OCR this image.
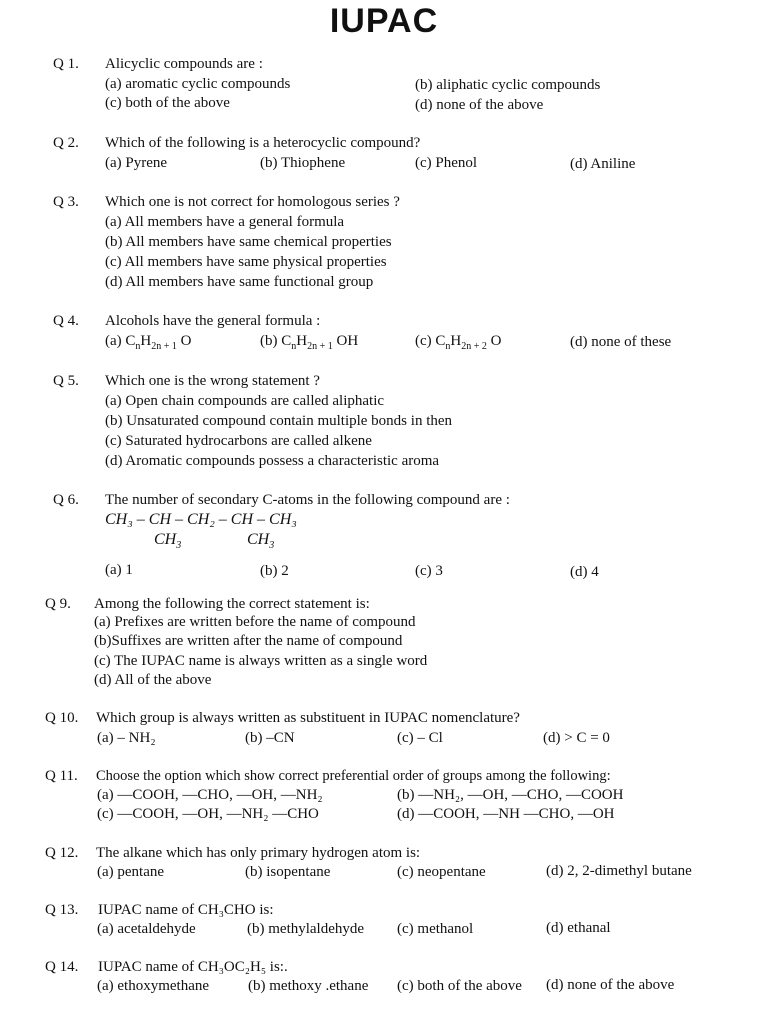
IUPAC
Q 1. Alicyclic compounds are :
(a) aromatic cyclic compounds	(b) aliphatic cyclic compounds
(c) both of the above	(d) none of the above
Q 2. Which of the following is a heterocyclic compound?
(a) Pyrene	(b) Thiophene	(c) Phenol	(d) Aniline
Q 3. Which one is not correct for homologous series ?
(a) All members have a general formula
(b) All members have same chemical properties
(c) All members have same physical properties
(d) All members have same functional group
Q 4. Alcohols have the general formula :
(a) $C_nH_{2n + 1}$ O	(b) $C_nH_{2n + 1}$ OH	(c) $C_nH_{2n + 2}$ O	(d) none of these
Q 5. Which one is the wrong statement ?
(a) Open chain compounds are called aliphatic
(b) Unsaturated compound contain multiple bonds in then
(c) Saturated hydrocarbons are called alkene
(d) Aromatic compounds possess a characteristic aroma
Q 6. The number of secondary C-atoms in the following compound are :
CH₃ – CH – CH₂ – CH – CH₃
$CH_3$	$CH_3$
(a) 1	(b) 2	(c) 3	(d) 4
Q 9. Among the following the correct statement is:
(a) Prefixes are written before the name of compound
(b)Suffixes are written after the name of compound
(c) The IUPAC name is always written as a single word
(d) All of the above
Q 10. Which group is always written as substituent in IUPAC nomenclature?
(a) – NH₂	(b) –CN	(c) – Cl	(d) > C = 0
Q 11. Choose the option which show correct preferential order of groups among the following:
(a) —COOH, —CHO, —OH, —NH₂	(b) —NH₂, —OH, —CHO, —COOH
(c) —COOH, —OH, —NH₂ —CHO	(d) —COOH, —NH —CHO, —OH
Q 12. The alkane which has only primary hydrogen atom is:
(a) pentane	(b) isopentane	(c) neopentane	(d) 2, 2-dimethyl butane
Q 13. IUPAC name of CH₃CHO is:
(a) acetaldehyde	(b) methylaldehyde (c) methanol	(d) ethanal
Q 14. IUPAC name of CH₃OC₂H₅ is:.
(a) ethoxymethane	(b) methoxy .ethane (c) both of the above (d) none of the above
